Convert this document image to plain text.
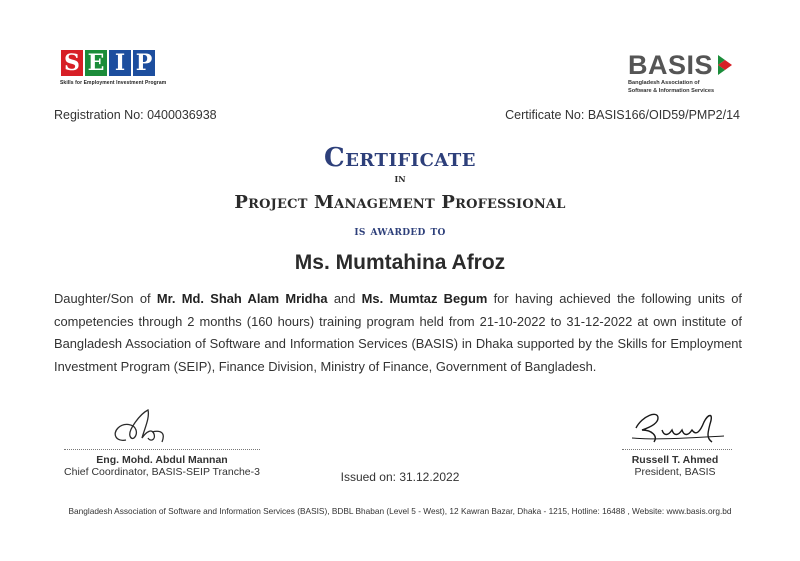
S E I P
Skills for Employment Investment Program
BASIS
Bangladesh Association of
Software & Information Services
Registration No: 0400036938	Certificate No: BASIS166/OID59/PMP2/14
Certificate
in
Project Management Professional
is awarded to
Ms. Mumtahina Afroz
Daughter/Son of Mr. Md. Shah Alam Mridha and Ms. Mumtaz Begum for having achieved the following units of competencies through 2 months (160 hours) training program held from 21-10-2022 to 31-12-2022 at own institute of Bangladesh Association of Software and Information Services (BASIS) in Dhaka supported by the Skills for Employment Investment Program (SEIP), Finance Division, Ministry of Finance, Government of Bangladesh.
Eng. Mohd. Abdul Mannan
Chief Coordinator, BASIS-SEIP Tranche-3
Russell T. Ahmed
President, BASIS
Issued on: 31.12.2022
Bangladesh Association of Software and Information Services (BASIS), BDBL Bhaban (Level 5 - West), 12 Kawran Bazar, Dhaka - 1215, Hotline: 16488 , Website: www.basis.org.bd
